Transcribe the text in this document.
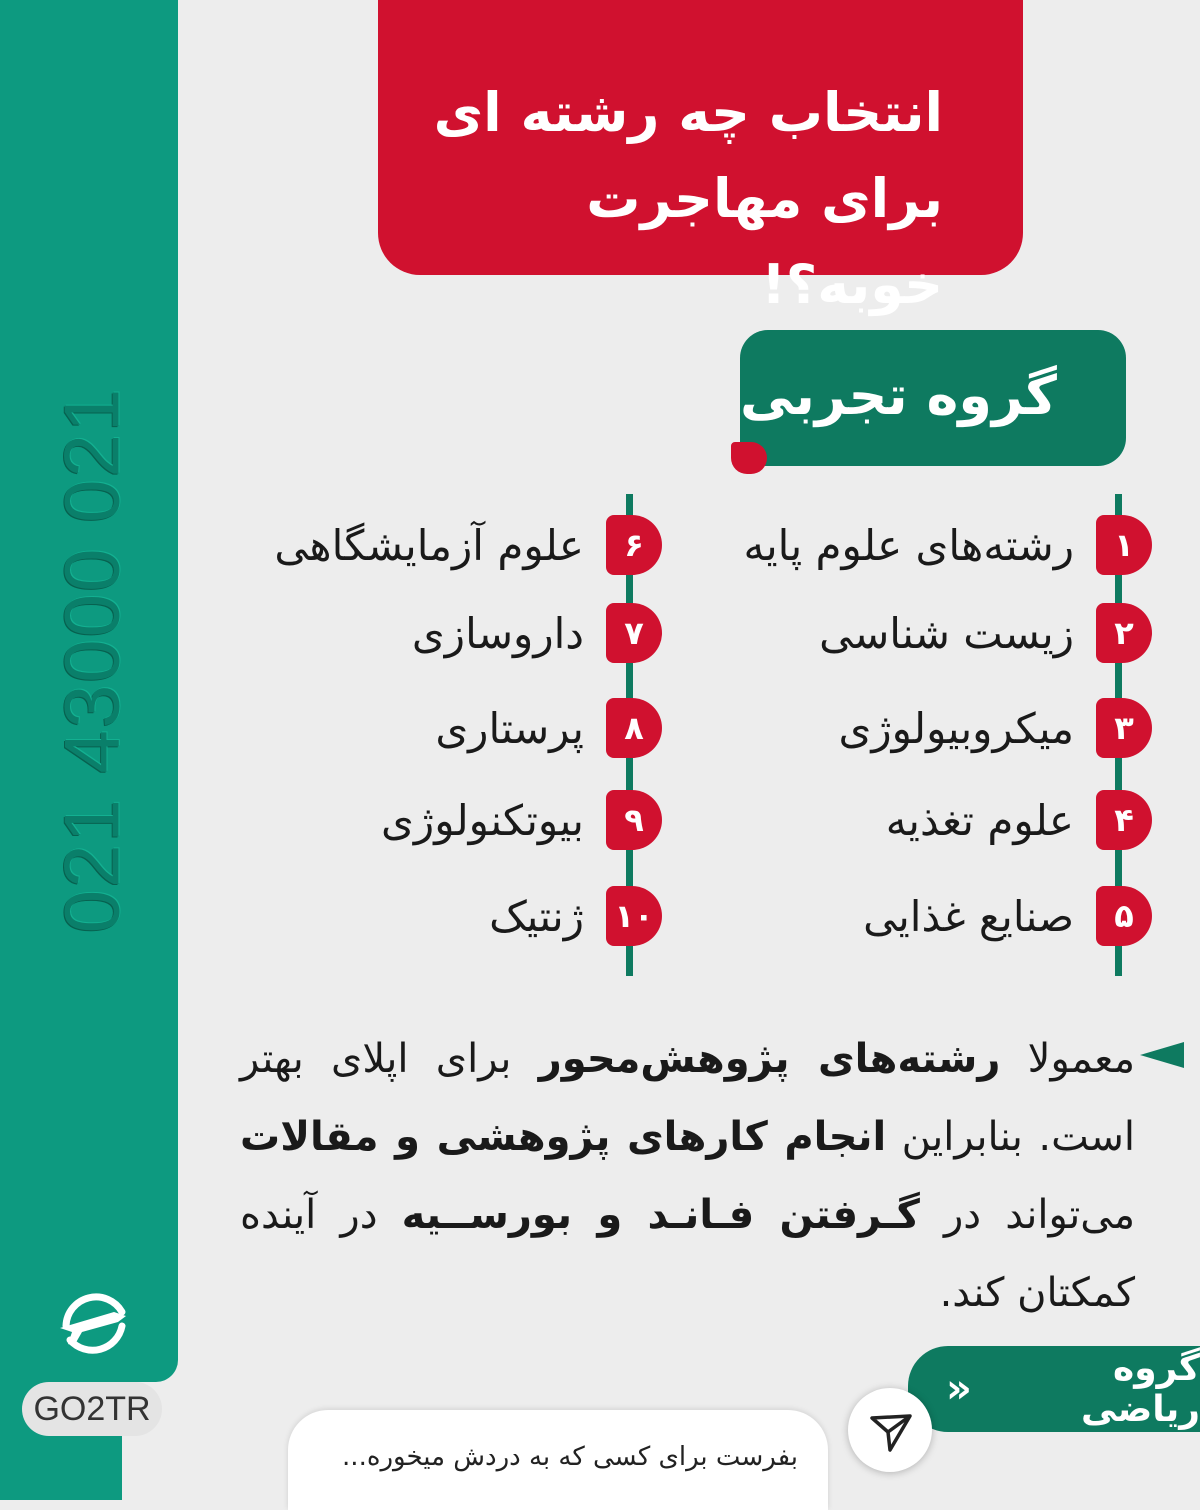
021 43000 021
GO2TR
انتخاب چه رشته ای
برای مهاجرت خوبه؟!
گروه تجربی
۱
رشته‌های علوم پایه
۲
زیست شناسی
۳
میکروبیولوژی
۴
علوم تغذیه
۵
صنایع غذایی
۶
علوم آزمایشگاهی
۷
داروسازی
۸
پرستاری
۹
بیوتکنولوژی
۱۰
ژنتیک
معمولا رشته‌های پژوهش‌محور برای اپلای بهتر است. بنابراین انجام کارهای پژوهشی و مقالات می‌تواند در گـرفتن فـانـد و بورســیه در آینده کمکتان کند.
گروه ریاضی
«
بفرست برای کسی که به دردش میخوره...
